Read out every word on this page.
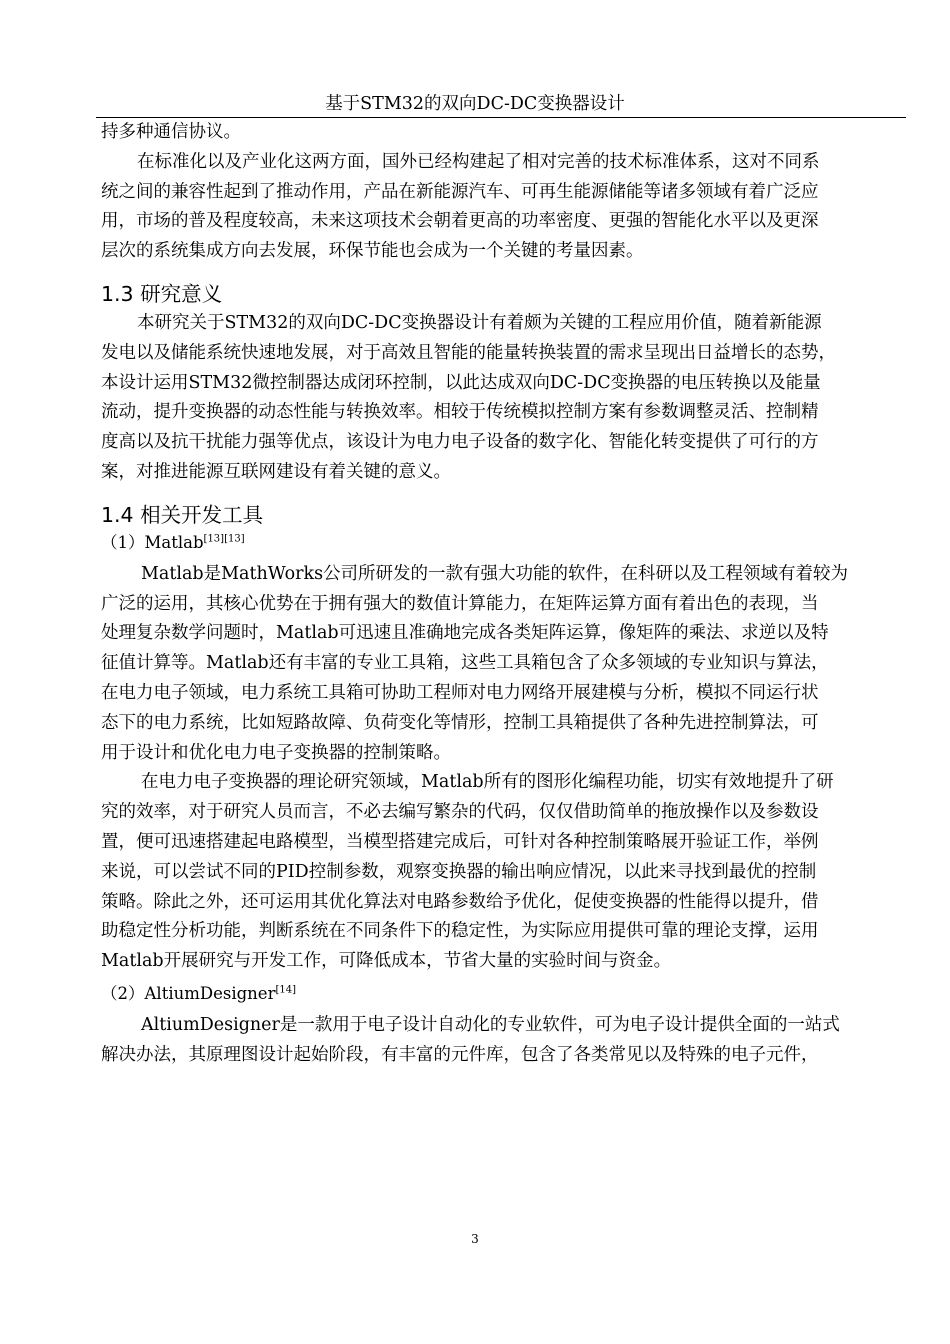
基于STM32的双向DC-DC变换器设计

持多种通信协议。

在标准化以及产业化这两方面，国外已经构建起了相对完善的技术标准体系，这对不同系

统之间的兼容性起到了推动作用，产品在新能源汽车、可再生能源储能等诸多领域有着广泛应

用，市场的普及程度较高，未来这项技术会朝着更高的功率密度、更强的智能化水平以及更深

层次的系统集成方向去发展，环保节能也会成为一个关键的考量因素。

1.3 研究意义

本研究关于STM32的双向DC-DC变换器设计有着颇为关键的工程应用价值，随着新能源

发电以及储能系统快速地发展，对于高效且智能的能量转换装置的需求呈现出日益增长的态势，

本设计运用STM32微控制器达成闭环控制，以此达成双向DC-DC变换器的电压转换以及能量

流动，提升变换器的动态性能与转换效率。相较于传统模拟控制方案有参数调整灵活、控制精

度高以及抗干扰能力强等优点，该设计为电力电子设备的数字化、智能化转变提供了可行的方

案，对推进能源互联网建设有着关键的意义。

1.4 相关开发工具
（1）Matlab[13][13]

Matlab是MathWorks公司所研发的一款有强大功能的软件，在科研以及工程领域有着较为

广泛的运用，其核心优势在于拥有强大的数值计算能力，在矩阵运算方面有着出色的表现，当

处理复杂数学问题时，Matlab可迅速且准确地完成各类矩阵运算，像矩阵的乘法、求逆以及特

征值计算等。Matlab还有丰富的专业工具箱，这些工具箱包含了众多领域的专业知识与算法，

在电力电子领域，电力系统工具箱可协助工程师对电力网络开展建模与分析，模拟不同运行状

态下的电力系统，比如短路故障、负荷变化等情形，控制工具箱提供了各种先进控制算法，可

用于设计和优化电力电子变换器的控制策略。

在电力电子变换器的理论研究领域，Matlab所有的图形化编程功能，切实有效地提升了研

究的效率，对于研究人员而言，不必去编写繁杂的代码，仅仅借助简单的拖放操作以及参数设

置，便可迅速搭建起电路模型，当模型搭建完成后，可针对各种控制策略展开验证工作，举例

来说，可以尝试不同的PID控制参数，观察变换器的输出响应情况，以此来寻找到最优的控制

策略。除此之外，还可运用其优化算法对电路参数给予优化，促使变换器的性能得以提升，借

助稳定性分析功能，判断系统在不同条件下的稳定性，为实际应用提供可靠的理论支撑，运用

Matlab开展研究与开发工作，可降低成本，节省大量的实验时间与资金。

（2）AltiumDesigner[14]

AltiumDesigner是一款用于电子设计自动化的专业软件，可为电子设计提供全面的一站式

解决办法，其原理图设计起始阶段，有丰富的元件库，包含了各类常见以及特殊的电子元件，

3
